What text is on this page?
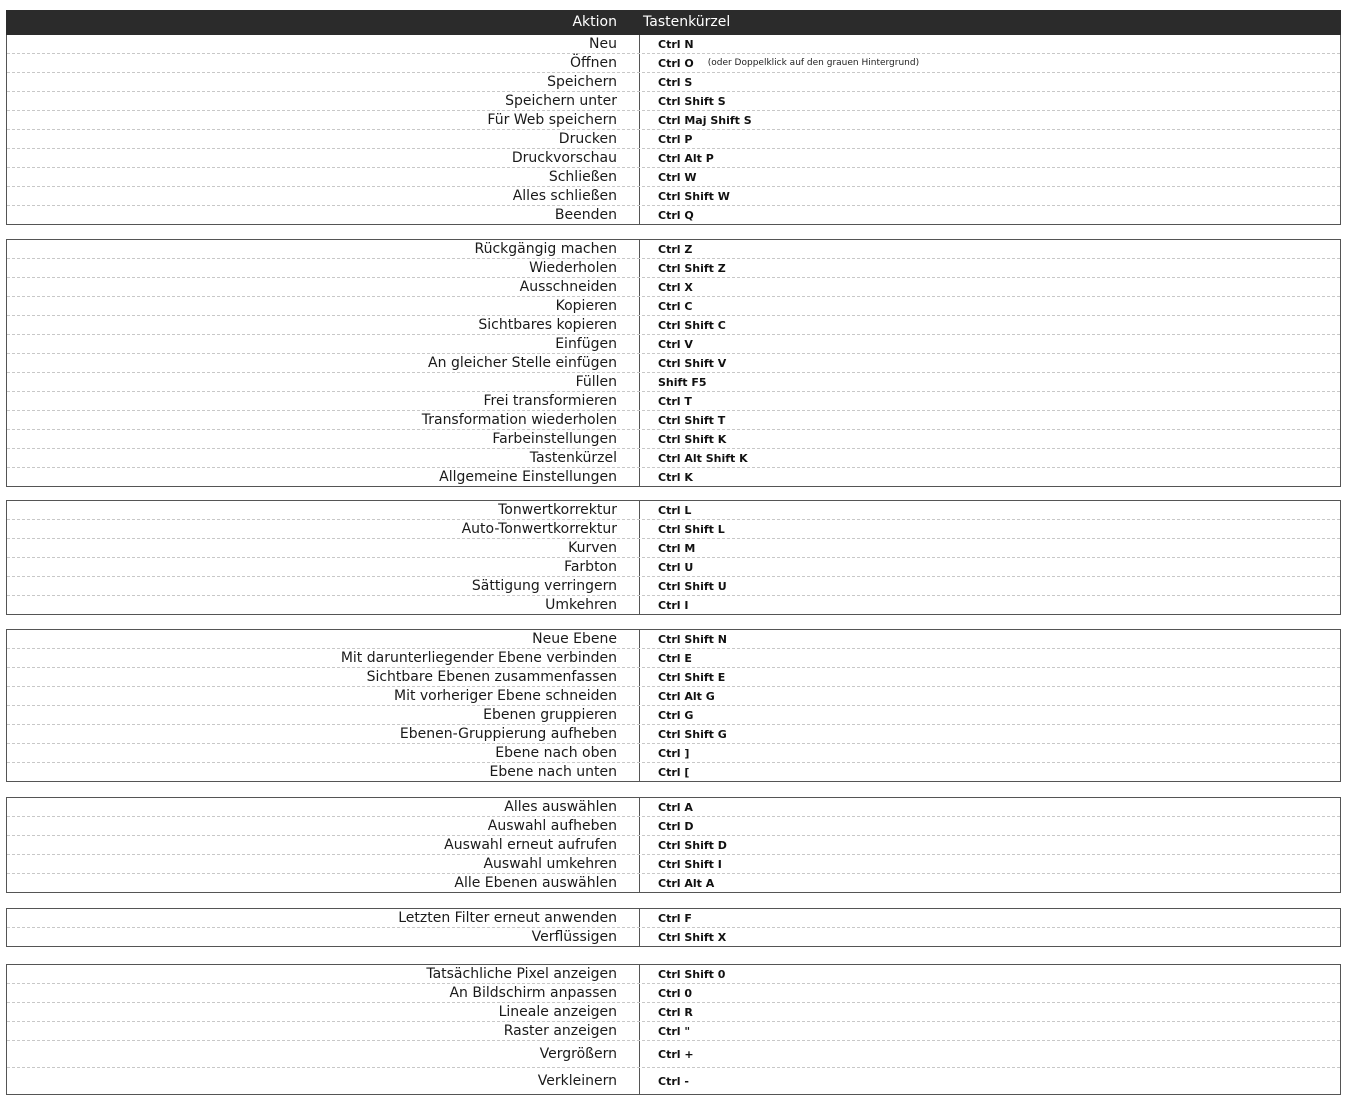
Aktion Tastenkürzel
Neu	Ctrl N
Öffnen	Ctrl O (oder Doppelklick auf den grauen Hintergrund)
Speichern	Ctrl S
Speichern unter	Ctrl Shift S
Für Web speichern	Ctrl Maj Shift S
Drucken	Ctrl P
Druckvorschau	Ctrl Alt P
Schließen	Ctrl W
Alles schließen	Ctrl Shift W
Beenden	Ctrl Q
Rückgängig machen	Ctrl Z
Wiederholen	Ctrl Shift Z
Ausschneiden	Ctrl X
Kopieren	Ctrl C
Sichtbares kopieren	Ctrl Shift C
Einfügen	Ctrl V
An gleicher Stelle einfügen	Ctrl Shift V
Füllen	Shift F5
Frei transformieren	Ctrl T
Transformation wiederholen	Ctrl Shift T
Farbeinstellungen	Ctrl Shift K
Tastenkürzel	Ctrl Alt Shift K
Allgemeine Einstellungen	Ctrl K
Tonwertkorrektur	Ctrl L
Auto-Tonwertkorrektur	Ctrl Shift L
Kurven	Ctrl M
Farbton	Ctrl U
Sättigung verringern	Ctrl Shift U
Umkehren	Ctrl I
Neue Ebene	Ctrl Shift N
Mit darunterliegender Ebene verbinden	Ctrl E
Sichtbare Ebenen zusammenfassen	Ctrl Shift E
Mit vorheriger Ebene schneiden	Ctrl Alt G
Ebenen gruppieren	Ctrl G
Ebenen-Gruppierung aufheben	Ctrl Shift G
Ebene nach oben	Ctrl ]
Ebene nach unten	Ctrl [
Alles auswählen	Ctrl A
Auswahl aufheben	Ctrl D
Auswahl erneut aufrufen	Ctrl Shift D
Auswahl umkehren	Ctrl Shift I
Alle Ebenen auswählen	Ctrl Alt A
Letzten Filter erneut anwenden	Ctrl F
Verflüssigen	Ctrl Shift X
Tatsächliche Pixel anzeigen	Ctrl Shift 0
An Bildschirm anpassen	Ctrl 0
Lineale anzeigen	Ctrl R
Raster anzeigen	Ctrl "
Vergrößern	Ctrl +
Verkleinern	Ctrl -
